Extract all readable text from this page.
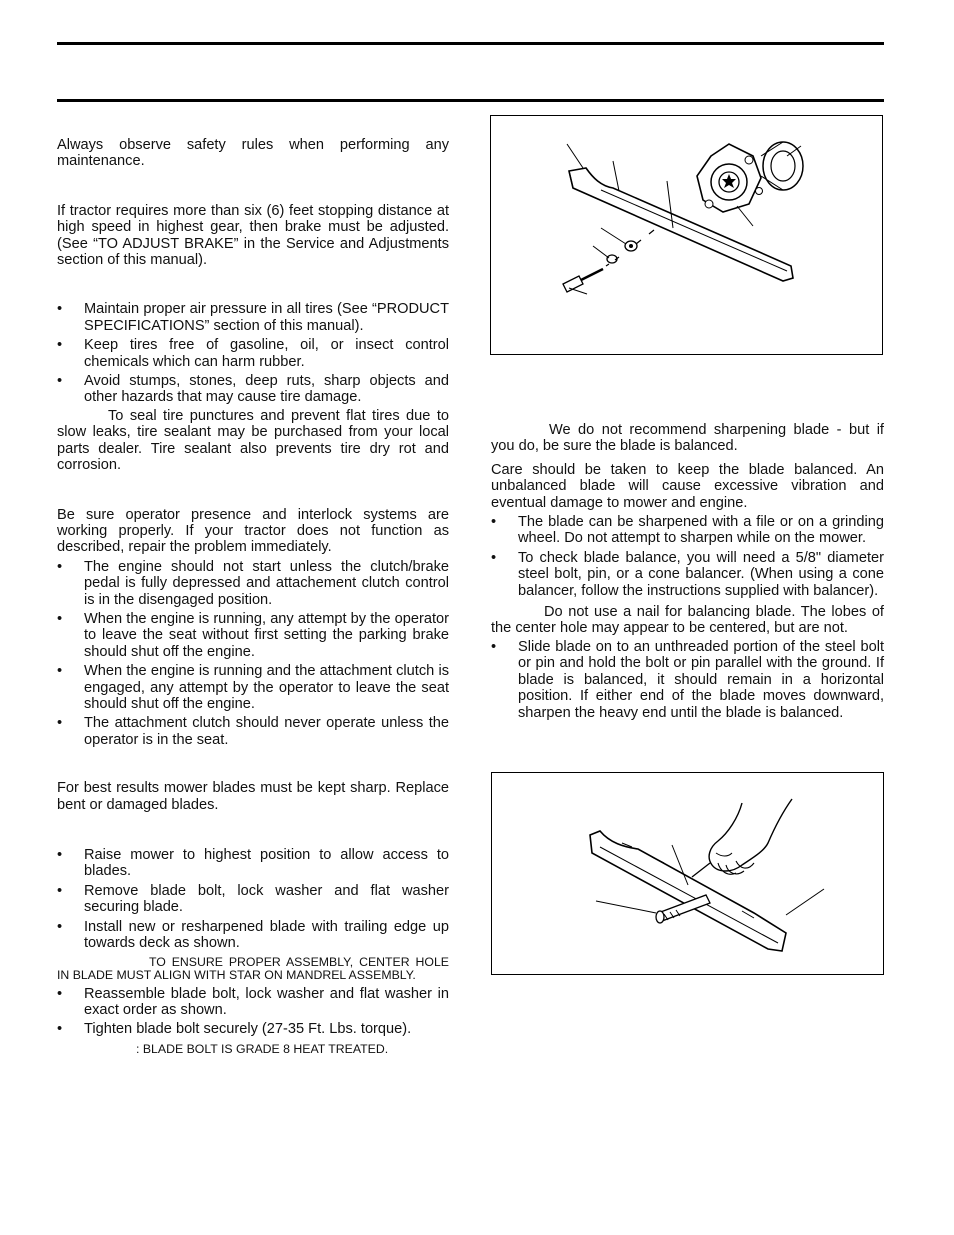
Always observe safety rules when performing any maintenance.

If tractor requires more than six (6) feet stopping distance at high speed in highest gear, then brake must be adjusted. (See “TO ADJUST BRAKE” in the Service and Adjustments section of this manual).

• Maintain proper air pressure in all tires (See “PRODUCT SPECIFICATIONS” section of this manual).
• Keep tires free of gasoline, oil, or insect control chemicals which can harm rubber.
• Avoid stumps, stones, deep ruts, sharp objects and other hazards that may cause tire damage.

To seal tire punctures and prevent flat tires due to slow leaks, tire sealant may be purchased from your local parts dealer. Tire sealant also prevents tire dry rot and corrosion.

Be sure operator presence and interlock systems are working properly. If your tractor does not function as described, repair the problem immediately.

• The engine should not start unless the clutch/brake pedal is fully depressed and attachement clutch control is in the disengaged position.
• When the engine is running, any attempt by the operator to leave the seat without first setting the parking brake should shut off the engine.
• When the engine is running and the attachment clutch is engaged, any attempt by the operator to leave the seat should shut off the engine.
• The attachment clutch should never operate unless the operator is in the seat.

For best results mower blades must be kept sharp. Replace bent or damaged blades.

• Raise mower to highest position to allow access to blades.
• Remove blade bolt, lock washer and flat washer securing blade.
• Install new or resharpened blade with trailing edge up towards deck as shown.

TO ENSURE PROPER ASSEMBLY, CENTER HOLE IN BLADE MUST ALIGN WITH STAR ON MANDREL ASSEMBLY.

• Reassemble blade bolt, lock washer and flat washer in exact order as shown.
• Tighten blade bolt securely (27-35 Ft. Lbs. torque).

: BLADE BOLT IS GRADE 8 HEAT TREATED.

We do not recommend sharpening blade - but if you do, be sure the blade is balanced.

Care should be taken to keep the blade balanced. An unbalanced blade will cause excessive vibration and eventual damage to mower and engine.

• The blade can be sharpened with a file or on a grinding wheel. Do not attempt to sharpen while on the mower.
• To check blade balance, you will need a 5/8" diameter steel bolt, pin, or a cone balancer. (When using a cone balancer, follow the instructions supplied with balancer).

Do not use a nail for balancing blade. The lobes of the center hole may appear to be centered, but are not.

• Slide blade on to an unthreaded portion of the steel bolt or pin and hold the bolt or pin parallel with the ground. If blade is balanced, it should remain in a horizontal position. If either end of the blade moves downward, sharpen the heavy end until the blade is balanced.
